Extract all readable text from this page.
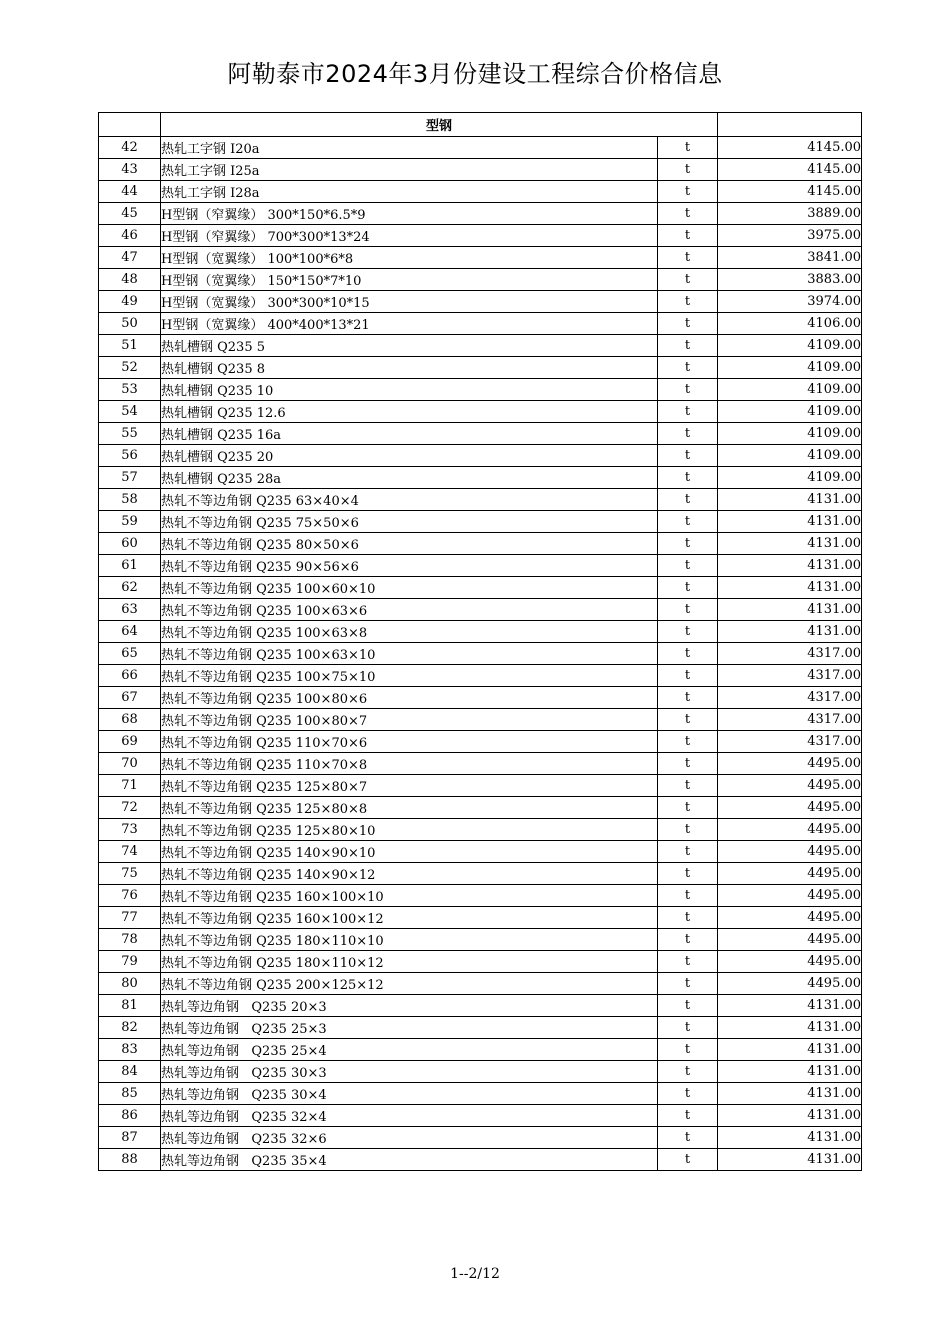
阿勒泰市2024年3月份建设工程综合价格信息
	型钢		
42	热轧工字钢 I20a	t	4145.00
43	热轧工字钢 I25a	t	4145.00
44	热轧工字钢 I28a	t	4145.00
45	H型钢（窄翼缘） 300*150*6.5*9	t	3889.00
46	H型钢（窄翼缘） 700*300*13*24	t	3975.00
47	H型钢（宽翼缘） 100*100*6*8	t	3841.00
48	H型钢（宽翼缘） 150*150*7*10	t	3883.00
49	H型钢（宽翼缘） 300*300*10*15	t	3974.00
50	H型钢（宽翼缘） 400*400*13*21	t	4106.00
51	热轧槽钢 Q235 5	t	4109.00
52	热轧槽钢 Q235 8	t	4109.00
53	热轧槽钢 Q235 10	t	4109.00
54	热轧槽钢 Q235 12.6	t	4109.00
55	热轧槽钢 Q235 16a	t	4109.00
56	热轧槽钢 Q235 20	t	4109.00
57	热轧槽钢 Q235 28a	t	4109.00
58	热轧不等边角钢 Q235 63×40×4	t	4131.00
59	热轧不等边角钢 Q235 75×50×6	t	4131.00
60	热轧不等边角钢 Q235 80×50×6	t	4131.00
61	热轧不等边角钢 Q235 90×56×6	t	4131.00
62	热轧不等边角钢 Q235 100×60×10	t	4131.00
63	热轧不等边角钢 Q235 100×63×6	t	4131.00
64	热轧不等边角钢 Q235 100×63×8	t	4131.00
65	热轧不等边角钢 Q235 100×63×10	t	4317.00
66	热轧不等边角钢 Q235 100×75×10	t	4317.00
67	热轧不等边角钢 Q235 100×80×6	t	4317.00
68	热轧不等边角钢 Q235 100×80×7	t	4317.00
69	热轧不等边角钢 Q235 110×70×6	t	4317.00
70	热轧不等边角钢 Q235 110×70×8	t	4495.00
71	热轧不等边角钢 Q235 125×80×7	t	4495.00
72	热轧不等边角钢 Q235 125×80×8	t	4495.00
73	热轧不等边角钢 Q235 125×80×10	t	4495.00
74	热轧不等边角钢 Q235 140×90×10	t	4495.00
75	热轧不等边角钢 Q235 140×90×12	t	4495.00
76	热轧不等边角钢 Q235 160×100×10	t	4495.00
77	热轧不等边角钢 Q235 160×100×12	t	4495.00
78	热轧不等边角钢 Q235 180×110×10	t	4495.00
79	热轧不等边角钢 Q235 180×110×12	t	4495.00
80	热轧不等边角钢 Q235 200×125×12	t	4495.00
81	热轧等边角钢   Q235 20×3	t	4131.00
82	热轧等边角钢   Q235 25×3	t	4131.00
83	热轧等边角钢   Q235 25×4	t	4131.00
84	热轧等边角钢   Q235 30×3	t	4131.00
85	热轧等边角钢   Q235 30×4	t	4131.00
86	热轧等边角钢   Q235 32×4	t	4131.00
87	热轧等边角钢   Q235 32×6	t	4131.00
88	热轧等边角钢   Q235 35×4	t	4131.00
1--2/12
